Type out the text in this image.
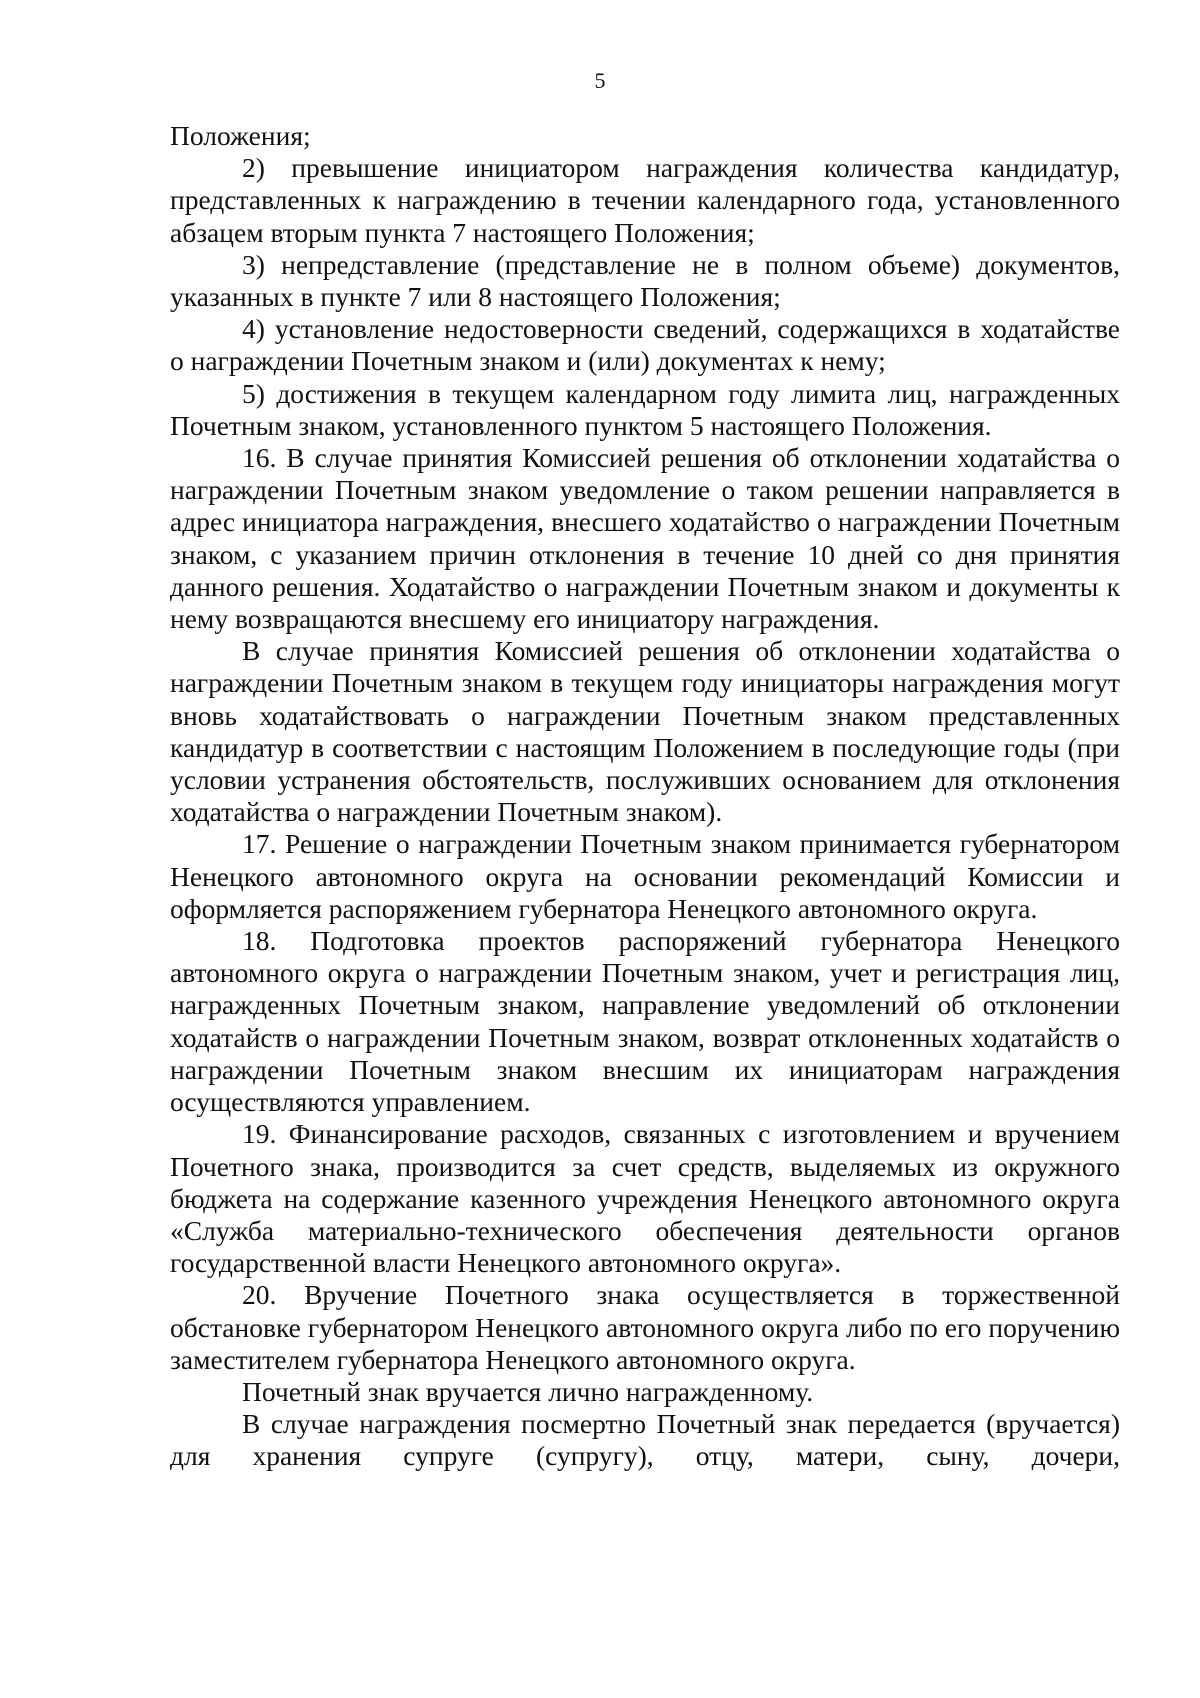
5

Положения;

2) превышение инициатором награждения количества кандидатур, представленных к награждению в течении календарного года, установленного абзацем вторым пункта 7 настоящего Положения;

3) непредставление (представление не в полном объеме) документов, указанных в пункте 7 или 8 настоящего Положения;

4) установление недостоверности сведений, содержащихся в ходатайстве о награждении Почетным знаком и (или) документах к нему;

5) достижения в текущем календарном году лимита лиц, награжденных Почетным знаком, установленного пунктом 5 настоящего Положения.

16. В случае принятия Комиссией решения об отклонении ходатайства о награждении Почетным знаком уведомление о таком решении направляется в адрес инициатора награждения, внесшего ходатайство о награждении Почетным знаком, с указанием причин отклонения в течение 10 дней со дня принятия данного решения. Ходатайство о награждении Почетным знаком и документы к нему возвращаются внесшему его инициатору награждения.

В случае принятия Комиссией решения об отклонении ходатайства о награждении Почетным знаком в текущем году инициаторы награждения могут вновь ходатайствовать о награждении Почетным знаком представленных кандидатур в соответствии с настоящим Положением в последующие годы (при условии устранения обстоятельств, послуживших основанием для отклонения ходатайства о награждении Почетным знаком).

17. Решение о награждении Почетным знаком принимается губернатором Ненецкого автономного округа на основании рекомендаций Комиссии и оформляется распоряжением губернатора Ненецкого автономного округа.

18. Подготовка проектов распоряжений губернатора Ненецкого автономного округа о награждении Почетным знаком, учет и регистрация лиц, награжденных Почетным знаком, направление уведомлений об отклонении ходатайств о награждении Почетным знаком, возврат отклоненных ходатайств о награждении Почетным знаком внесшим их инициаторам награждения осуществляются управлением.

19. Финансирование расходов, связанных с изготовлением и вручением Почетного знака, производится за счет средств, выделяемых из окружного бюджета на содержание казенного учреждения Ненецкого автономного округа «Служба материально-технического обеспечения деятельности органов государственной власти Ненецкого автономного округа».

20. Вручение Почетного знака осуществляется в торжественной обстановке губернатором Ненецкого автономного округа либо по его поручению заместителем губернатора Ненецкого автономного округа.

Почетный знак вручается лично награжденному.

В случае награждения посмертно Почетный знак передается (вручается) для хранения супруге (супругу), отцу, матери, сыну, дочери,
